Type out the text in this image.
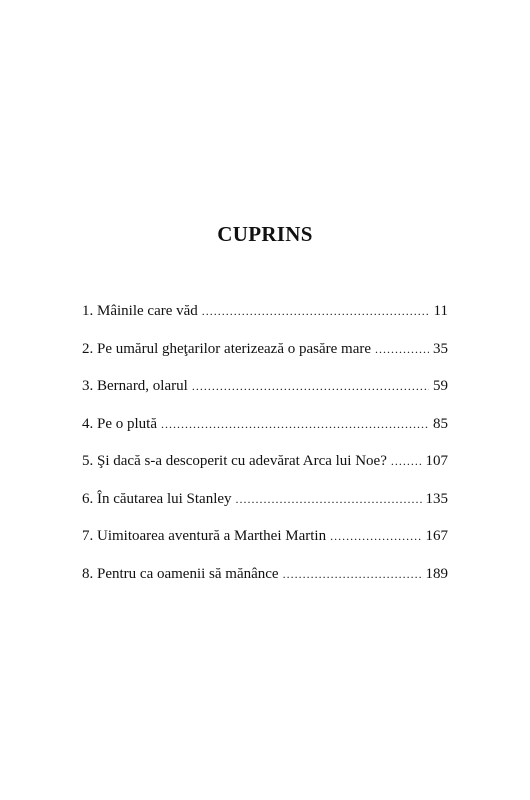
CUPRINS
1. Mâinile care văd .....	11
2. Pe umărul gheţarilor aterizează o pasăre mare .....	35
3. Bernard, olarul .....	59
4. Pe o plută .....	85
5. Şi dacă s-a descoperit cu adevărat Arca lui Noe? .....	107
6. În căutarea lui Stanley .....	135
7. Uimitoarea aventură a Marthei Martin .....	167
8. Pentru ca oamenii să mănânce .....	189
